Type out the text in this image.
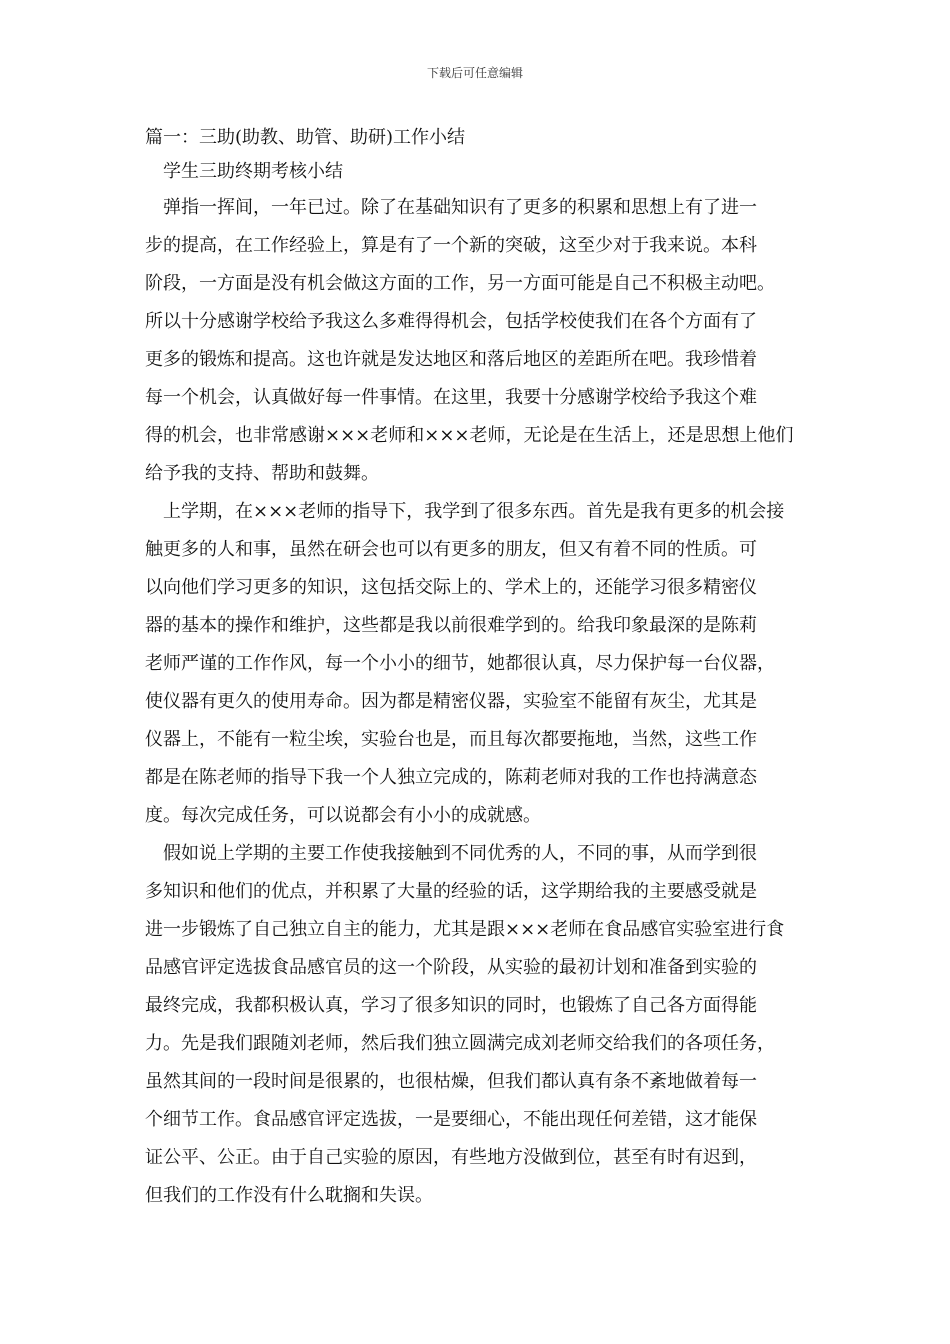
下载后可任意编辑
篇一：三助(助教、助管、助研)工作小结
学生三助终期考核小结
弹指一挥间，一年已过。除了在基础知识有了更多的积累和思想上有了进一
步的提高，在工作经验上，算是有了一个新的突破，这至少对于我来说。本科
阶段，一方面是没有机会做这方面的工作，另一方面可能是自己不积极主动吧。
所以十分感谢学校给予我这么多难得得机会，包括学校使我们在各个方面有了
更多的锻炼和提高。这也许就是发达地区和落后地区的差距所在吧。我珍惜着
每一个机会，认真做好每一件事情。在这里，我要十分感谢学校给予我这个难
得的机会，也非常感谢×××老师和×××老师，无论是在生活上，还是思想上他们
给予我的支持、帮助和鼓舞。
上学期，在×××老师的指导下，我学到了很多东西。首先是我有更多的机会接
触更多的人和事，虽然在研会也可以有更多的朋友，但又有着不同的性质。可
以向他们学习更多的知识，这包括交际上的、学术上的，还能学习很多精密仪
器的基本的操作和维护，这些都是我以前很难学到的。给我印象最深的是陈莉
老师严谨的工作作风，每一个小小的细节，她都很认真，尽力保护每一台仪器，
使仪器有更久的使用寿命。因为都是精密仪器，实验室不能留有灰尘，尤其是
仪器上，不能有一粒尘埃，实验台也是，而且每次都要拖地，当然，这些工作
都是在陈老师的指导下我一个人独立完成的，陈莉老师对我的工作也持满意态
度。每次完成任务，可以说都会有小小的成就感。
假如说上学期的主要工作使我接触到不同优秀的人，不同的事，从而学到很
多知识和他们的优点，并积累了大量的经验的话，这学期给我的主要感受就是
进一步锻炼了自己独立自主的能力，尤其是跟×××老师在食品感官实验室进行食
品感官评定选拔食品感官员的这一个阶段，从实验的最初计划和准备到实验的
最终完成，我都积极认真，学习了很多知识的同时，也锻炼了自己各方面得能
力。先是我们跟随刘老师，然后我们独立圆满完成刘老师交给我们的各项任务，
虽然其间的一段时间是很累的，也很枯燥，但我们都认真有条不紊地做着每一
个细节工作。食品感官评定选拔，一是要细心，不能出现任何差错，这才能保
证公平、公正。由于自己实验的原因，有些地方没做到位，甚至有时有迟到，
但我们的工作没有什么耽搁和失误。
